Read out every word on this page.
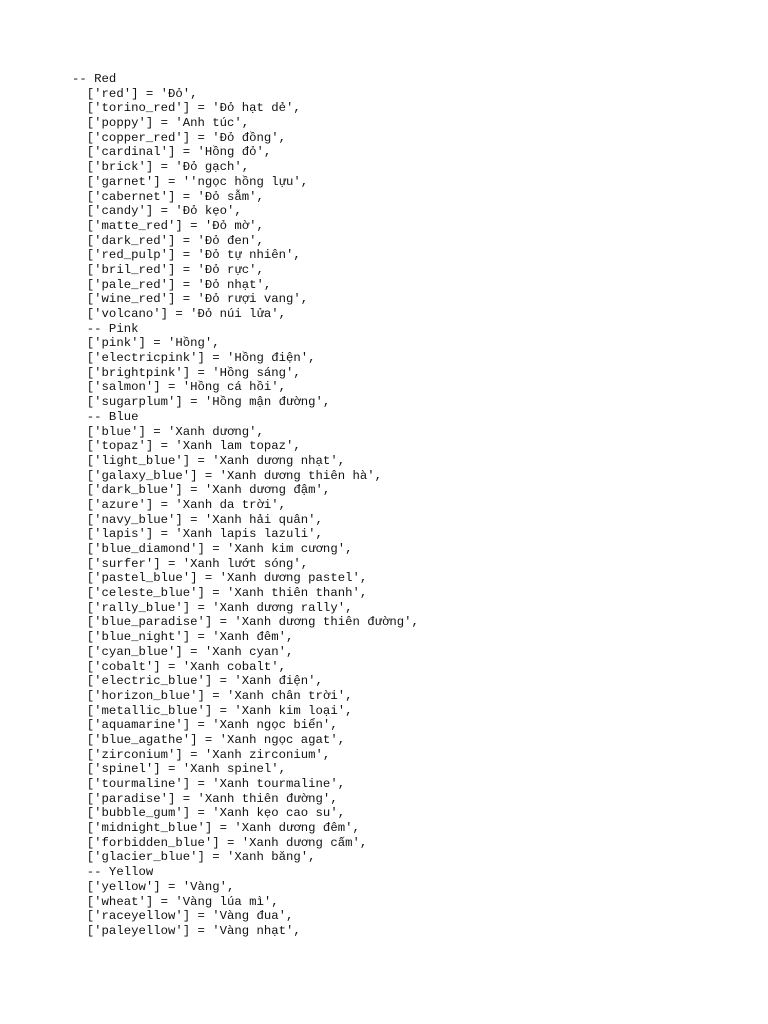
-- Red
['red'] = 'Đỏ',
['torino_red'] = 'Đỏ hạt dẻ',
['poppy'] = 'Anh túc',
['copper_red'] = 'Đỏ đồng',
['cardinal'] = 'Hồng đỏ',
['brick'] = 'Đỏ gạch',
['garnet'] = ''ngọc hồng lựu',
['cabernet'] = 'Đỏ sẫm',
['candy'] = 'Đỏ kẹo',
['matte_red'] = 'Đỏ mờ',
['dark_red'] = 'Đỏ đen',
['red_pulp'] = 'Đỏ tự nhiên',
['bril_red'] = 'Đỏ rực',
['pale_red'] = 'Đỏ nhạt',
['wine_red'] = 'Đỏ rượi vang',
['volcano'] = 'Đỏ núi lửa',
-- Pink
['pink'] = 'Hồng',
['electricpink'] = 'Hồng điện',
['brightpink'] = 'Hồng sáng',
['salmon'] = 'Hồng cá hồi',
['sugarplum'] = 'Hồng mận đường',
-- Blue
['blue'] = 'Xanh dương',
['topaz'] = 'Xanh lam topaz',
['light_blue'] = 'Xanh dương nhạt',
['galaxy_blue'] = 'Xanh dương thiên hà',
['dark_blue'] = 'Xanh dương đậm',
['azure'] = 'Xanh da trời',
['navy_blue'] = 'Xanh hải quân',
['lapis'] = 'Xanh lapis lazuli',
['blue_diamond'] = 'Xanh kim cương',
['surfer'] = 'Xanh lướt sóng',
['pastel_blue'] = 'Xanh dương pastel',
['celeste_blue'] = 'Xanh thiên thanh',
['rally_blue'] = 'Xanh dương rally',
['blue_paradise'] = 'Xanh dương thiên đường',
['blue_night'] = 'Xanh đêm',
['cyan_blue'] = 'Xanh cyan',
['cobalt'] = 'Xanh cobalt',
['electric_blue'] = 'Xanh điện',
['horizon_blue'] = 'Xanh chân trời',
['metallic_blue'] = 'Xanh kim loại',
['aquamarine'] = 'Xanh ngọc biển',
['blue_agathe'] = 'Xanh ngọc agat',
['zirconium'] = 'Xanh zirconium',
['spinel'] = 'Xanh spinel',
['tourmaline'] = 'Xanh tourmaline',
['paradise'] = 'Xanh thiên đường',
['bubble_gum'] = 'Xanh kẹo cao su',
['midnight_blue'] = 'Xanh dương đêm',
['forbidden_blue'] = 'Xanh dương cấm',
['glacier_blue'] = 'Xanh băng',
-- Yellow
['yellow'] = 'Vàng',
['wheat'] = 'Vàng lúa mì',
['raceyellow'] = 'Vàng đua',
['paleyellow'] = 'Vàng nhạt',
